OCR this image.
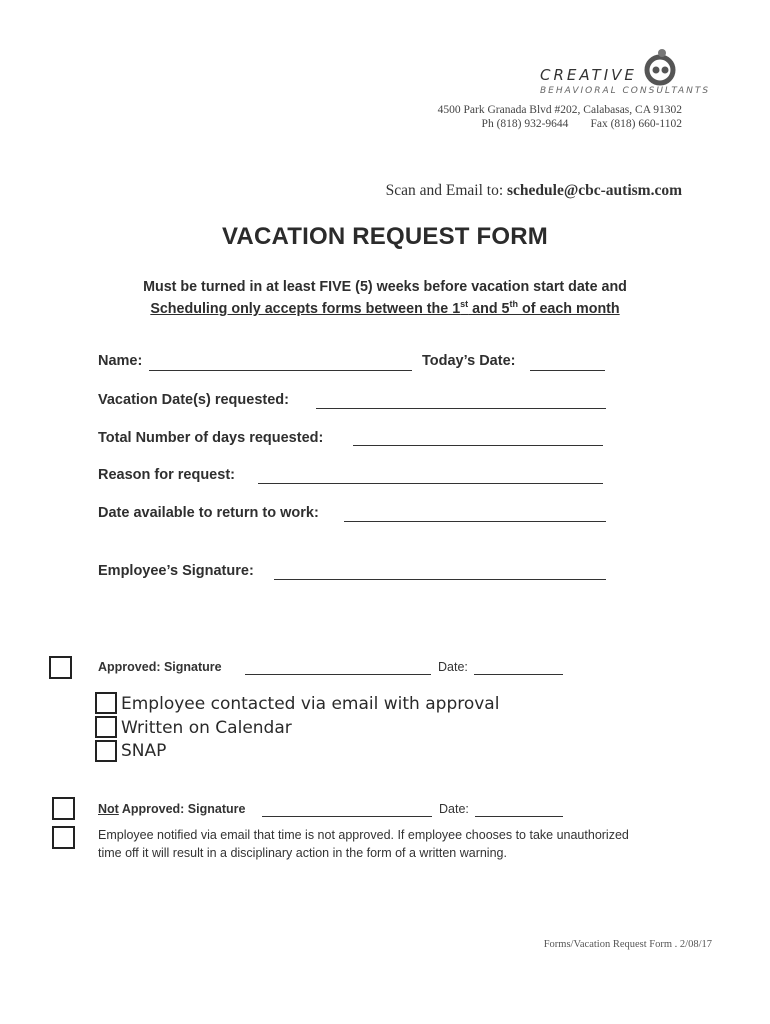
CREATIVE
BEHAVIORAL CONSULTANTS
4500 Park Granada Blvd #202, Calabasas, CA 91302
Ph (818) 932-9644 Fax (818) 660-1102
Scan and Email to: schedule@cbc-autism.com
VACATION REQUEST FORM
Must be turned in at least FIVE (5) weeks before vacation start date and
Scheduling only accepts forms between the 1st and 5th of each month
Name:	Today’s Date:
Vacation Date(s) requested:
Total Number of days requested:
Reason for request:
Date available to return to work:
Employee’s Signature:
Approved: Signature	Date:
Employee contacted via email with approval
Written on Calendar
SNAP
Not Approved: Signature	Date:
Employee notified via email that time is not approved. If employee chooses to take unauthorized
time off it will result in a disciplinary action in the form of a written warning.
Forms/Vacation Request Form . 2/08/17
